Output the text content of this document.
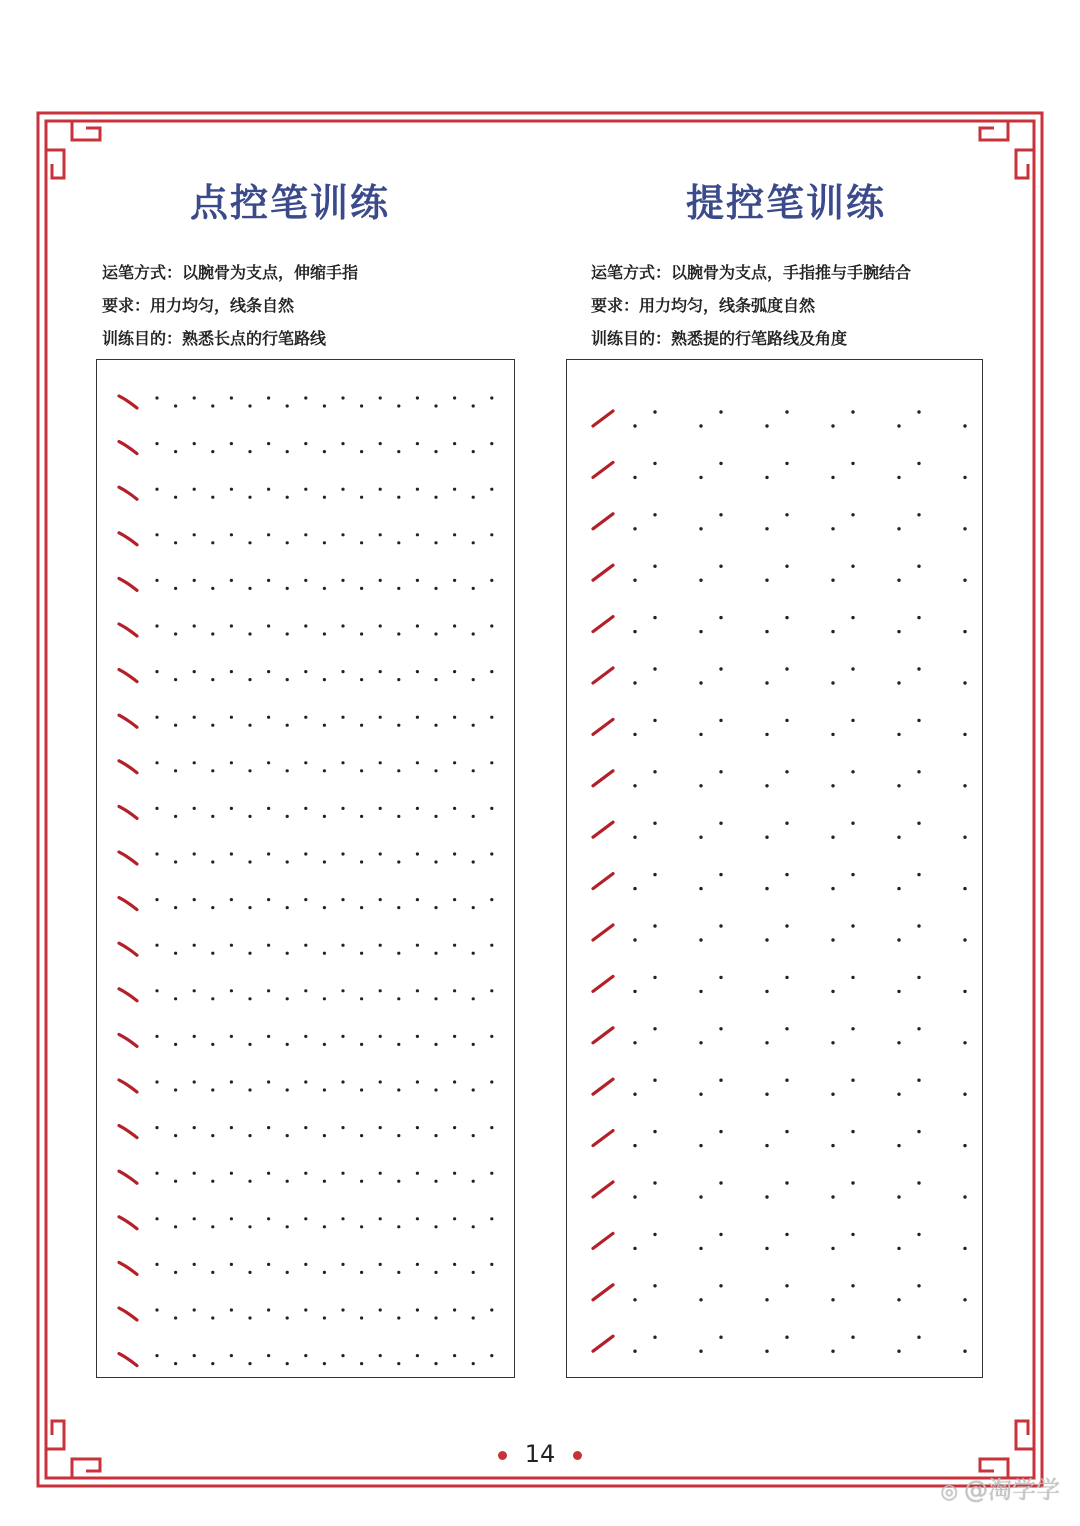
点控笔训练
运笔方式：以腕骨为支点，伸缩手指
要求：用力均匀，线条自然
训练目的：熟悉长点的行笔路线
提控笔训练
运笔方式：以腕骨为支点，手指推与手腕结合
要求：用力均匀，线条弧度自然
训练目的：熟悉提的行笔路线及角度
14
◎ @淘学学
